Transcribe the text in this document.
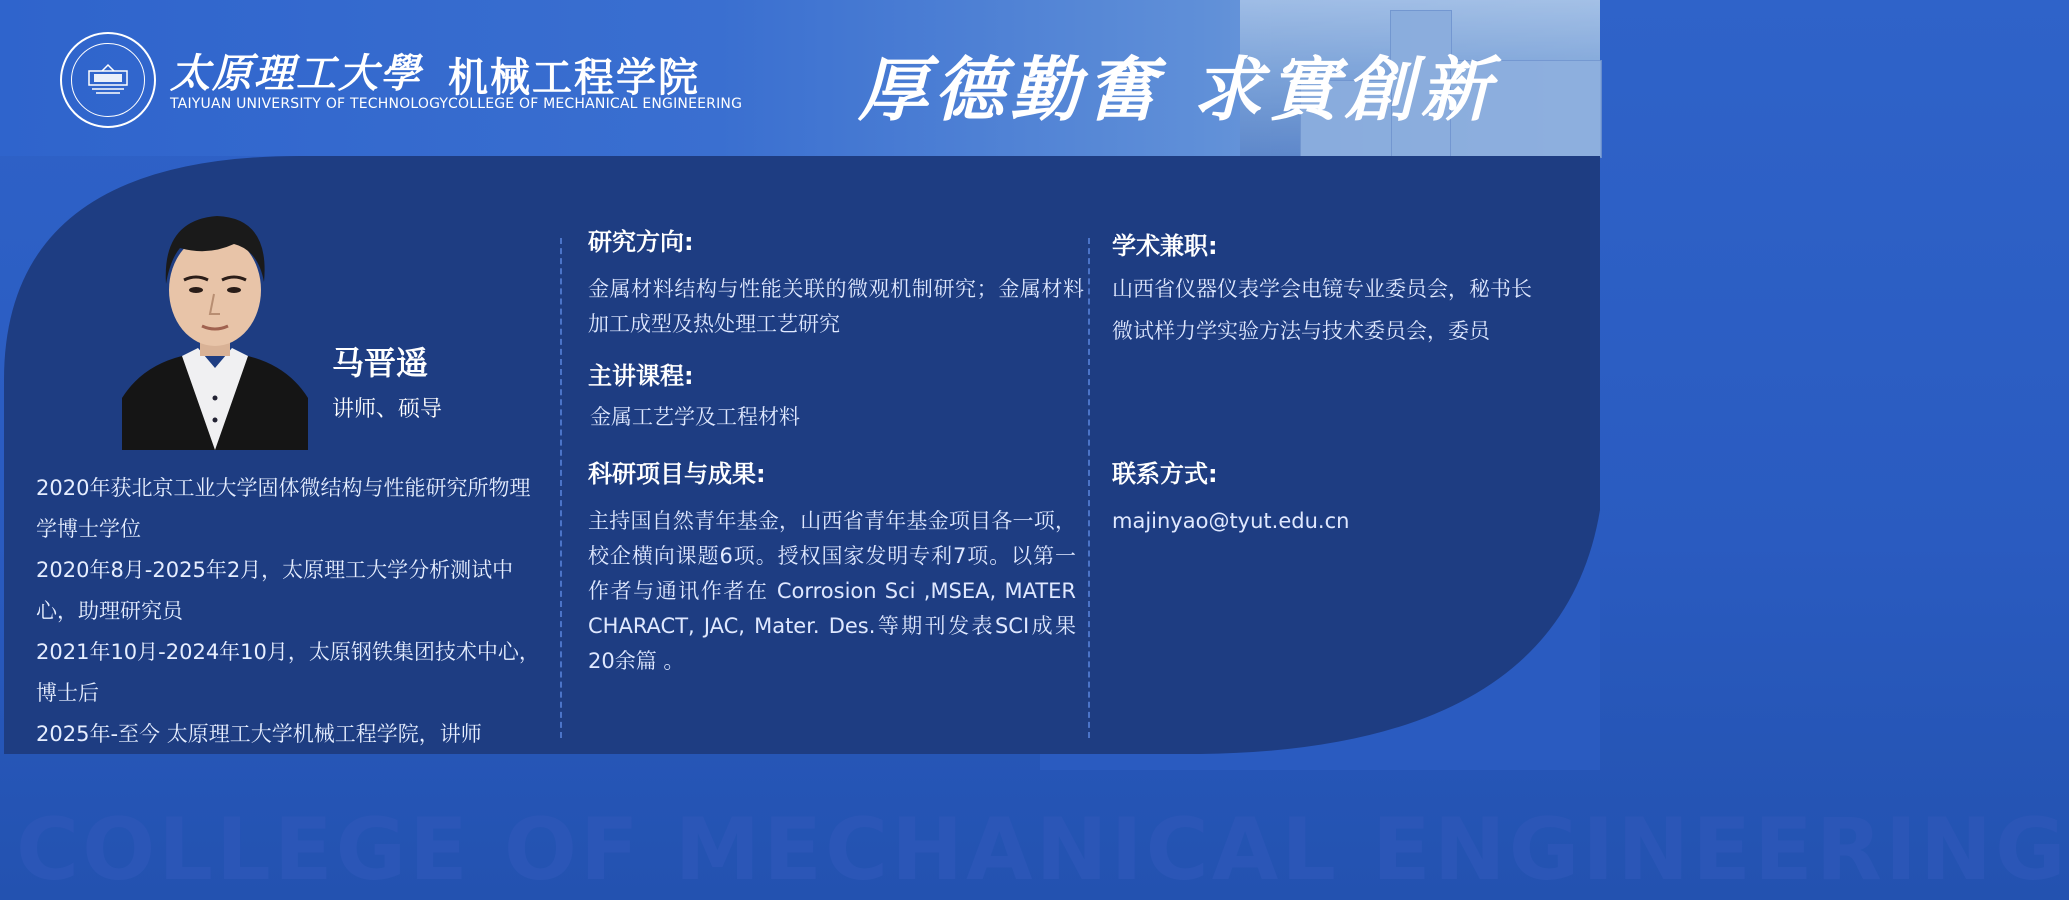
太原理工大學
TAIYUAN UNIVERSITY OF TECHNOLOGY
机械工程学院
COLLEGE OF MECHANICAL ENGINEERING 厚德勤奮 求實創新
马晋遥
讲师、硕导

2020年获北京工业大学固体微结构与性能研究所物理学博士学位

2020年8月-2025年2月，太原理工大学分析测试中心，助理研究员

2021年10月-2024年10月，太原钢铁集团技术中心，博士后

2025年-至今 太原理工大学机械工程学院，讲师

研究方向:
金属材料结构与性能关联的微观机制研究；金属材料加工成型及热处理工艺研究
主讲课程:
金属工艺学及工程材料
科研项目与成果:
主持国自然青年基金，山西省青年基金项目各一项，校企横向课题6项。授权国家发明专利7项。以第一作者与通讯作者在 Corrosion Sci ,MSEA, MATER CHARACT, JAC, Mater. Des.等期刊发表SCI成果20余篇 。
学术兼职:
山西省仪器仪表学会电镜专业委员会，秘书长
微试样力学实验方法与技术委员会，委员
联系方式:
majinyao@tyut.edu.cn
COLLEGE OF MECHANICAL ENGINEERING
